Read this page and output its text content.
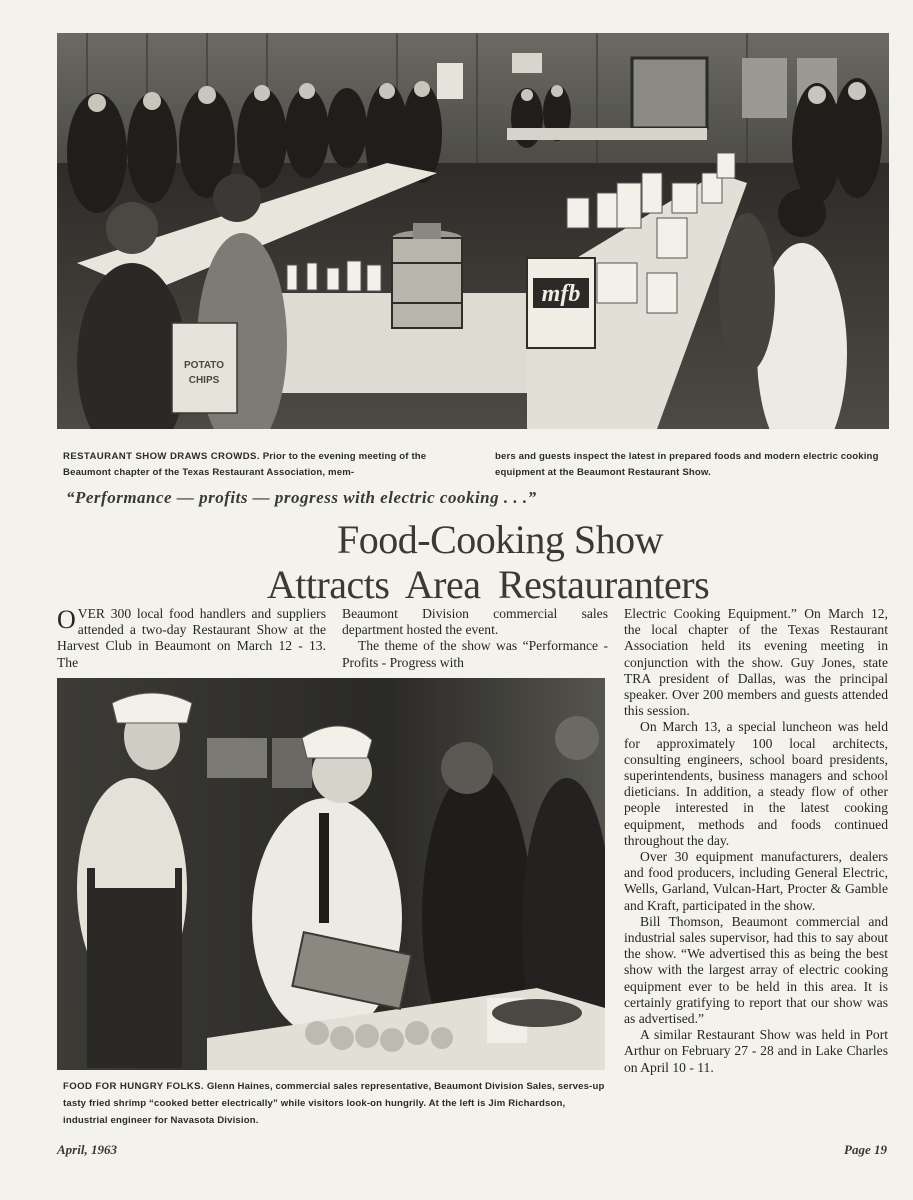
mfb
POTATO
CHIPS
RESTAURANT SHOW DRAWS CROWDS. Prior to the evening meeting of the Beaumont chapter of the Texas Restaurant Association, mem-
bers and guests inspect the latest in prepared foods and modern electric cooking equipment at the Beaumont Restaurant Show.
“Performance — profits — progress with electric cooking . . .”
Food-Cooking Show
Attracts Area Restauranters

OVER 300 local food handlers and suppliers attended a two-day Restaurant Show at the Harvest Club in Beaumont on March 12 - 13. The

Beaumont Division commercial sales department hosted the event.

The theme of the show was “Performance - Profits - Progress with

Electric Cooking Equipment.” On March 12, the local chapter of the Texas Restaurant Association held its evening meeting in conjunction with the show. Guy Jones, state TRA president of Dallas, was the principal speaker. Over 200 members and guests attended this session.

On March 13, a special luncheon was held for approximately 100 local architects, consulting engineers, school board presidents, superintendents, business managers and school dieticians. In addition, a steady flow of other people interested in the latest cooking equipment, methods and foods continued throughout the day.

Over 30 equipment manufacturers, dealers and food producers, including General Electric, Wells, Garland, Vulcan-Hart, Procter & Gamble and Kraft, participated in the show.

Bill Thomson, Beaumont commercial and industrial sales supervisor, had this to say about the show. “We advertised this as being the best show with the largest array of electric cooking equipment ever to be held in this area. It is certainly gratifying to report that our show was as advertised.”

A similar Restaurant Show was held in Port Arthur on February 27 - 28 and in Lake Charles on April 10 - 11.

FOOD FOR HUNGRY FOLKS. Glenn Haines, commercial sales representative, Beaumont Division Sales, serves-up tasty fried shrimp “cooked better electrically” while visitors look-on hungrily. At the left is Jim Richardson, industrial engineer for Navasota Division.
April, 1963	Page 19
